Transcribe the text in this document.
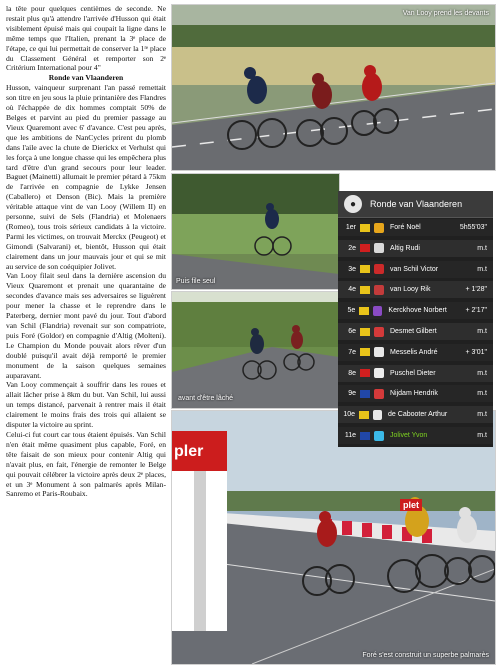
la tête pour quelques centièmes de seconde. Ne restait plus qu'à attendre l'arrivée d'Husson qui était visiblement épuisé mais qui coupait la ligne dans le même temps que l'Italien, prenant la 3ᵉ place de l'étape, ce qui lui permettait de conserver la 1ʳᵉ place du Classement Général et remporter son 2ᵉ Critérium International pour 4"

Ronde van Vlaanderen

Husson, vainqueur surprenant l'an passé remettait son titre en jeu sous la pluie printanière des Flandres où l'échappée de dix hommes comptait 50% de Belges et parvint au pied du premier passage au Vieux Quaremont avec 6' d'avance. C'est peu après, que les ambitions de NanCycles prirent du plomb dans l'aile avec la chute de Dierickx et Verhulst qui les força à une longue chasse qui les empêchera plus tard d'être d'un grand secours pour leur leader. Baguet (Mainetti) allumait le premier pétard à 75km de l'arrivée en compagnie de Lykke Jensen (Caballero) et Denson (Bic). Mais la première véritable attaque vint de van Looy (Willem II) en personne, suivi de Sels (Flandria) et Molenaers (Romeo), tous trois sérieux candidats à la victoire. Parmi les victimes, on trouvait Merckx (Peugeot) et Gimondi (Salvarani) et, bientôt, Husson qui était clairement dans un jour mauvais jour et qui se mit au service de son coéquipier Jolivet.

Van Looy filait seul dans la dernière ascension du Vieux Quaremont et prenait une quarantaine de secondes d'avance mais ses adversaires se liguèrent pour mener la chasse et le reprendre dans le Paterberg, dernier mont pavé du jour. Tout d'abord van Schil (Flandria) revenait sur son compatriote, puis Foré (Goldor) en compagnie d'Altig (Molteni). Le Champion du Monde pouvait alors rêver d'un doublé puisqu'il avait déjà remporté le premier monument de la saison quelques semaines auparavant.

Van Looy commençait à souffrir dans les roues et allait lâcher prise à 8km du but. Van Schil, lui aussi un temps distancé, parvenait à rentrer mais il était clairement le moins frais des trois qui allaient se disputer la victoire au sprint.

Celui-ci fut court car tous étaient épuisés. Van Schil n'en était même quasiment plus capable, Foré, en tête faisait de son mieux pour contenir Altig qui n'avait plus, en fait, l'énergie de remonter le Belge qui pouvait célébrer la victoire après deux 2ᵉ places, et un 3ᵉ Monument à son palmarès après Milan-Sanremo et Paris-Roubaix.

Van Looy prend les devants
Puis file seul
avant d'être lâché
pler
plet
Foré s'est construit un superbe palmarès
●	Ronde van Vlaanderen
1er	Foré Noël	5h55'03"
2e	Altig Rudi	m.t
3e	van Schil Victor	m.t
4e	van Looy Rik	+ 1'28"
5e	Kerckhove Norbert	+ 2'17"
6e	Desmet Gilbert	m.t
7e	Messelis André	+ 3'01"
8e	Puschel Dieter	m.t
9e	Nijdam Hendrik	m.t
10e	de Cabooter Arthur	m.t
11e	Jolivet Yvon	m.t
